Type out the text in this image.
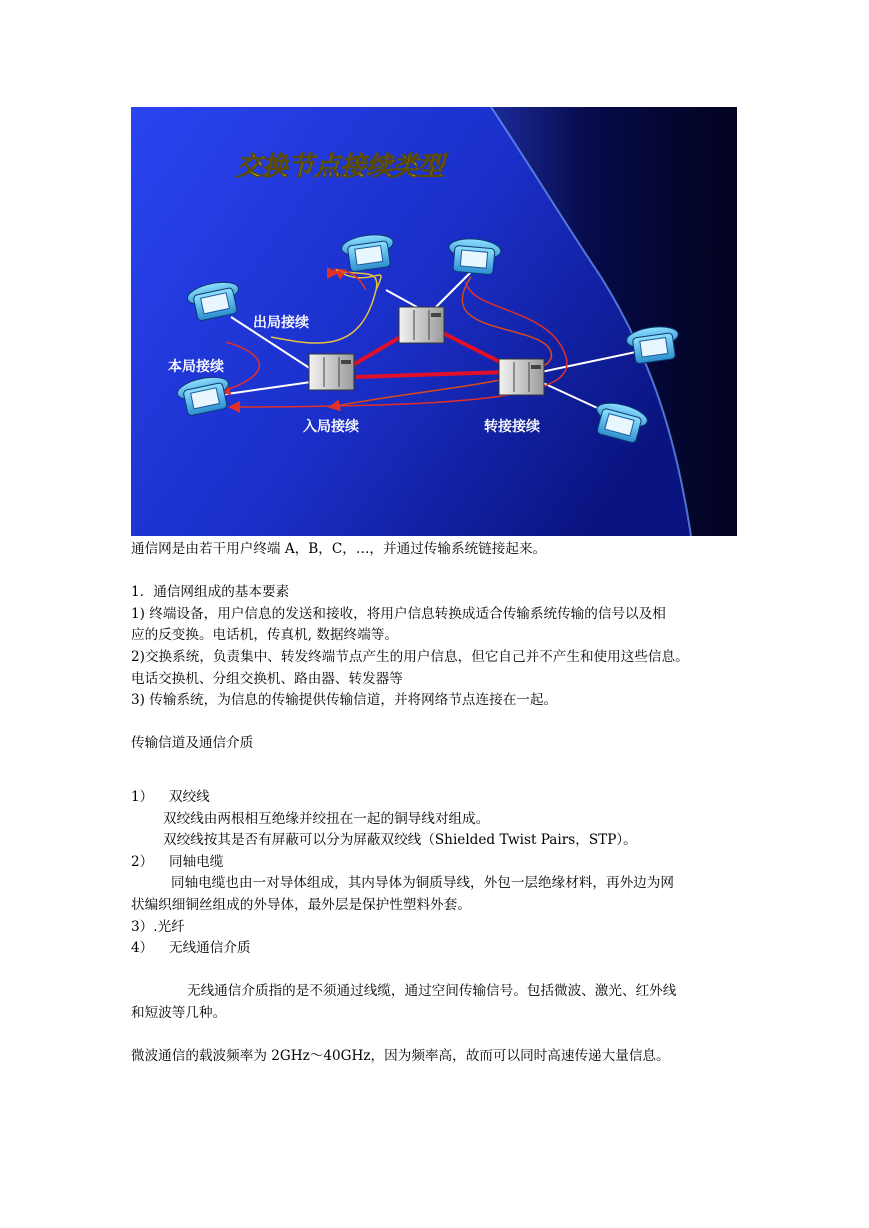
交换节点接续类型
出局接续
本局接续
入局接续	转接接续

通信网是由若干用户终端 A，B，C，…，并通过传输系统链接起来。

1．通信网组成的基本要素

1) 终端设备，用户信息的发送和接收，将用户信息转换成适合传输系统传输的信号以及相

应的反变换。电话机，传真机, 数据终端等。

2)交换系统，负责集中、转发终端节点产生的用户信息，但它自己并不产生和使用这些信息。

电话交换机、分组交换机、路由器、转发器等

3) 传输系统，为信息的传输提供传输信道，并将网络节点连接在一起。

传输信道及通信介质

1） 双绞线

双绞线由两根相互绝缘并绞扭在一起的铜导线对组成。

双绞线按其是否有屏蔽可以分为屏蔽双绞线（Shielded Twist Pairs，STP）。

2） 同轴电缆

同轴电缆也由一对导体组成，其内导体为铜质导线，外包一层绝缘材料，再外边为网

状编织细铜丝组成的外导体，最外层是保护性塑料外套。

3）.光纤

4） 无线通信介质

无线通信介质指的是不须通过线缆，通过空间传输信号。包括微波、激光、红外线

和短波等几种。

微波通信的载波频率为 2GHz～40GHz，因为频率高，故而可以同时高速传递大量信息。
